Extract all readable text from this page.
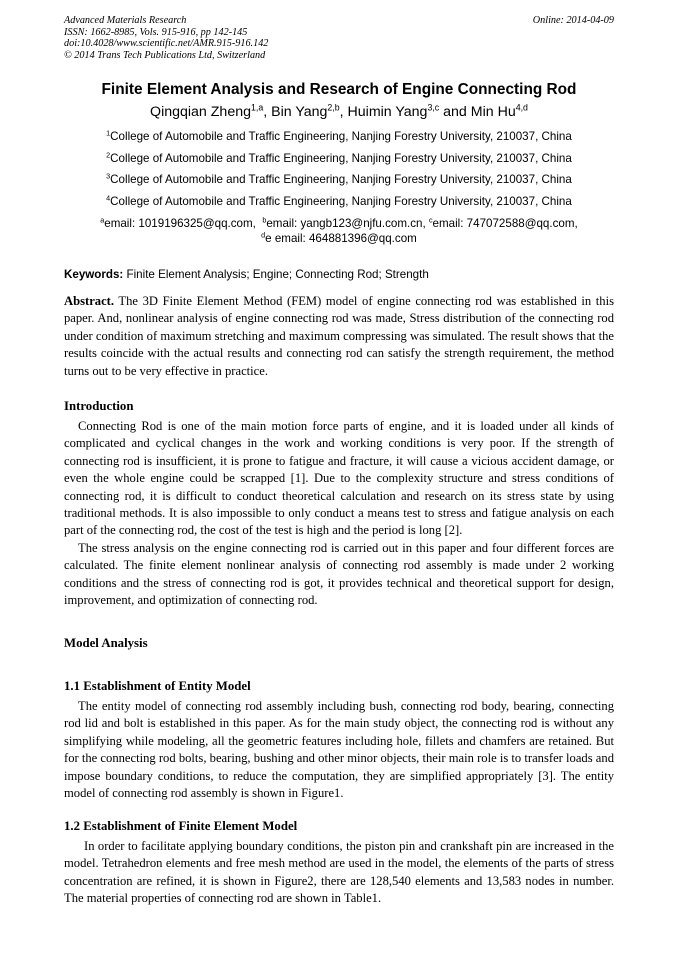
Advanced Materials Research
ISSN: 1662-8985, Vols. 915-916, pp 142-145
doi:10.4028/www.scientific.net/AMR.915-916.142
© 2014 Trans Tech Publications Ltd, Switzerland
Online: 2014-04-09
Finite Element Analysis and Research of Engine Connecting Rod
Qingqian Zheng$^{1,a}$, Bin Yang$^{2,b}$, Huimin Yang$^{3,c}$ and Min Hu$^{4,d}$
$^1$College of Automobile and Traffic Engineering, Nanjing Forestry University, 210037, China
$^2$College of Automobile and Traffic Engineering, Nanjing Forestry University, 210037, China
$^3$College of Automobile and Traffic Engineering, Nanjing Forestry University, 210037, China
$^4$College of Automobile and Traffic Engineering, Nanjing Forestry University, 210037, China
$^a$email: 1019196325@qq.com, $^b$email: yangb123@njfu.com.cn, $^c$email: 747072588@qq.com,
$^d$e email: 464881396@qq.com
Keywords: Finite Element Analysis; Engine; Connecting Rod; Strength

Abstract. The 3D Finite Element Method (FEM) model of engine connecting rod was established in this paper. And, nonlinear analysis of engine connecting rod was made, Stress distribution of the connecting rod under condition of maximum stretching and maximum compressing was simulated. The result shows that the results coincide with the actual results and connecting rod can satisfy the strength requirement, the method turns out to be very effective in practice.

Introduction

Connecting Rod is one of the main motion force parts of engine, and it is loaded under all kinds of complicated and cyclical changes in the work and working conditions is very poor. If the strength of connecting rod is insufficient, it is prone to fatigue and fracture, it will cause a vicious accident damage, or even the whole engine could be scrapped [1]. Due to the complexity structure and stress conditions of connecting rod, it is difficult to conduct theoretical calculation and research on its stress state by using traditional methods. It is also impossible to only conduct a means test to stress and fatigue analysis on each part of the connecting rod, the cost of the test is high and the period is long [2].

The stress analysis on the engine connecting rod is carried out in this paper and four different forces are calculated. The finite element nonlinear analysis of connecting rod assembly is made under 2 working conditions and the stress of connecting rod is got, it provides technical and theoretical support for design, improvement, and optimization of connecting rod.

Model Analysis
1.1 Establishment of Entity Model

The entity model of connecting rod assembly including bush, connecting rod body, bearing, connecting rod lid and bolt is established in this paper. As for the main study object, the connecting rod is without any simplifying while modeling, all the geometric features including hole, fillets and chamfers are retained. But for the connecting rod bolts, bearing, bushing and other minor objects, their main role is to transfer loads and impose boundary conditions, to reduce the computation, they are simplified appropriately [3]. The entity model of connecting rod assembly is shown in Figure1.

1.2 Establishment of Finite Element Model

In order to facilitate applying boundary conditions, the piston pin and crankshaft pin are increased in the model. Tetrahedron elements and free mesh method are used in the model, the elements of the parts of stress concentration are refined, it is shown in Figure2, there are 128,540 elements and 13,583 nodes in number. The material properties of connecting rod are shown in Table1.
